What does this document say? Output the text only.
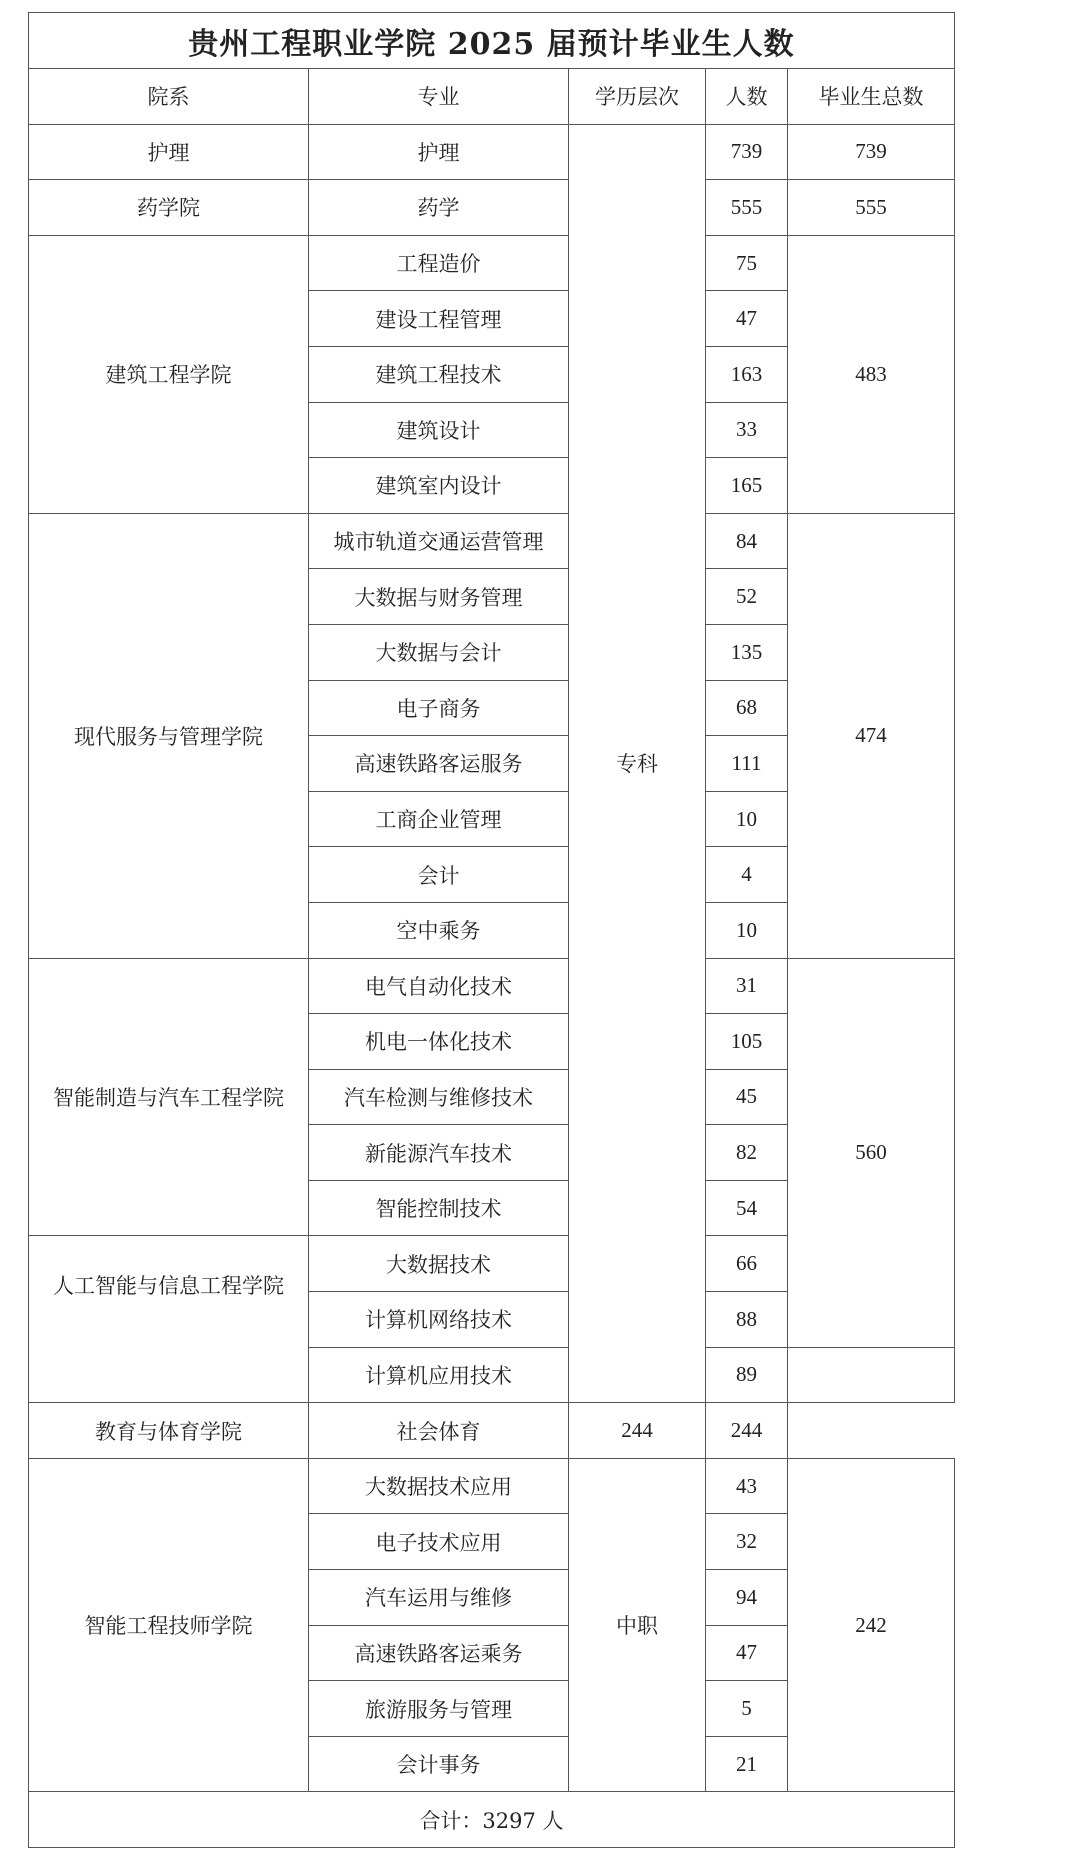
贵州工程职业学院 2025 届预计毕业生人数				
院系	专业	学历层次	人数	毕业生总数
护理	护理	专科	739	739
药学院	药学		555	555
建筑工程学院	工程造价		75	483
	建设工程管理		47	
	建筑工程技术		163	
	建筑设计		33	
	建筑室内设计		165	
现代服务与管理学院	城市轨道交通运营管理		84	474
	大数据与财务管理		52	
	大数据与会计		135	
	电子商务		68	
	高速铁路客运服务		111	
	工商企业管理		10	
	会计		4	
	空中乘务		10	
智能制造与汽车工程学院	电气自动化技术		31	560
	机电一体化技术		105	
	汽车检测与维修技术		45	
	新能源汽车技术		82	
	智能控制技术		54	
人工智能与信息工程学院	大数据技术		66	
	计算机网络技术		88	
	计算机应用技术		89	
教育与体育学院	社会体育	244	244	
智能工程技师学院	大数据技术应用	中职	43	242
	电子技术应用		32	
	汽车运用与维修		94	
	高速铁路客运乘务		47	
	旅游服务与管理		5	
	会计事务		21	
合计：3297 人				
